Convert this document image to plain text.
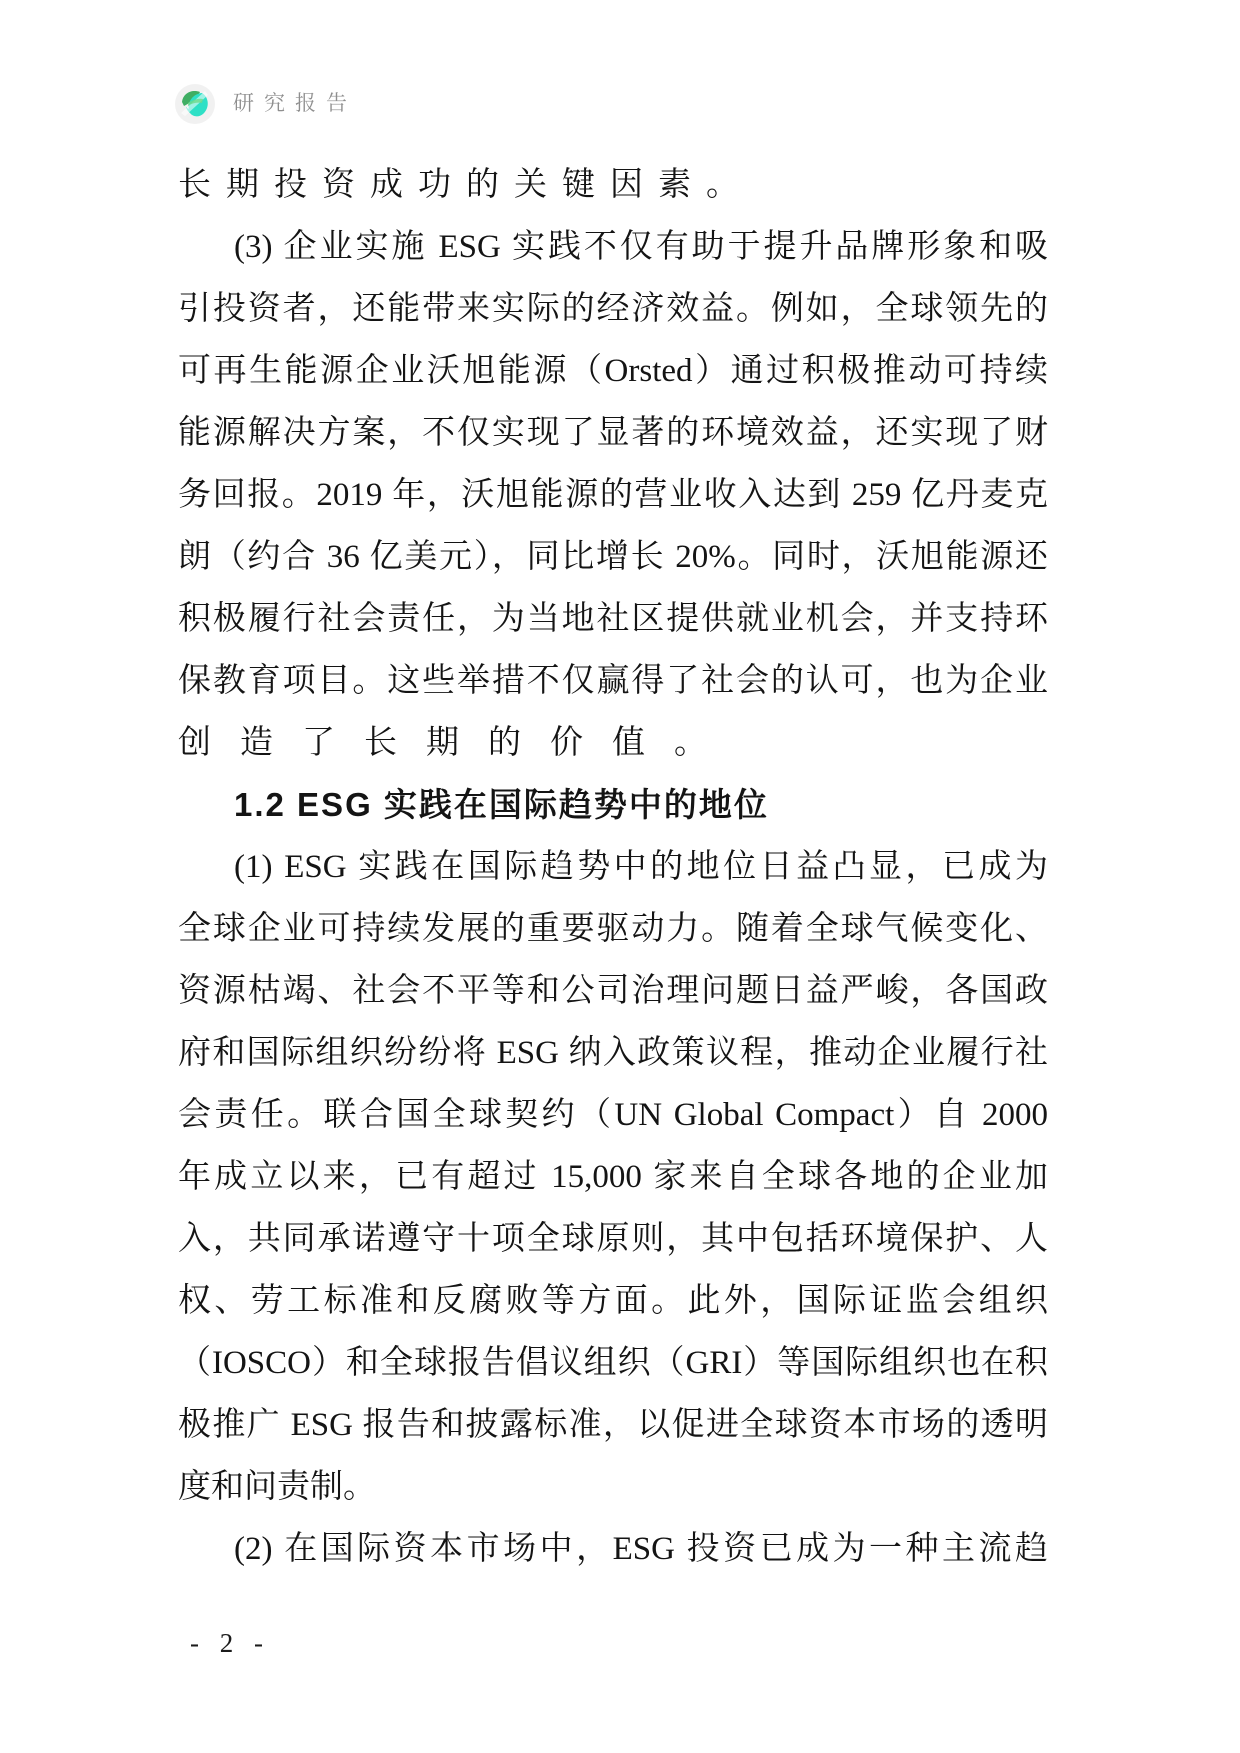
研究报告
长期投资成功的关键因素。
(3) 企业实施 ESG 实践不仅有助于提升品牌形象和吸
引投资者，还能带来实际的经济效益。例如，全球领先的
可再生能源企业沃旭能源（Orsted）通过积极推动可持续
能源解决方案，不仅实现了显著的环境效益，还实现了财
务回报。2019 年，沃旭能源的营业收入达到 259 亿丹麦克
朗（约合 36 亿美元），同比增长 20%。同时，沃旭能源还
积极履行社会责任，为当地社区提供就业机会，并支持环
保教育项目。这些举措不仅赢得了社会的认可，也为企业
创造了长期的价值。
1.2 ESG 实践在国际趋势中的地位
(1) ESG 实践在国际趋势中的地位日益凸显，已成为
全球企业可持续发展的重要驱动力。随着全球气候变化、
资源枯竭、社会不平等和公司治理问题日益严峻，各国政
府和国际组织纷纷将 ESG 纳入政策议程，推动企业履行社
会责任。联合国全球契约（UN Global Compact）自 2000
年成立以来，已有超过 15,000 家来自全球各地的企业加
入，共同承诺遵守十项全球原则，其中包括环境保护、人
权、劳工标准和反腐败等方面。此外，国际证监会组织
（IOSCO）和全球报告倡议组织（GRI）等国际组织也在积
极推广 ESG 报告和披露标准，以促进全球资本市场的透明
度和问责制。
(2) 在国际资本市场中，ESG 投资已成为一种主流趋
- 2 -
